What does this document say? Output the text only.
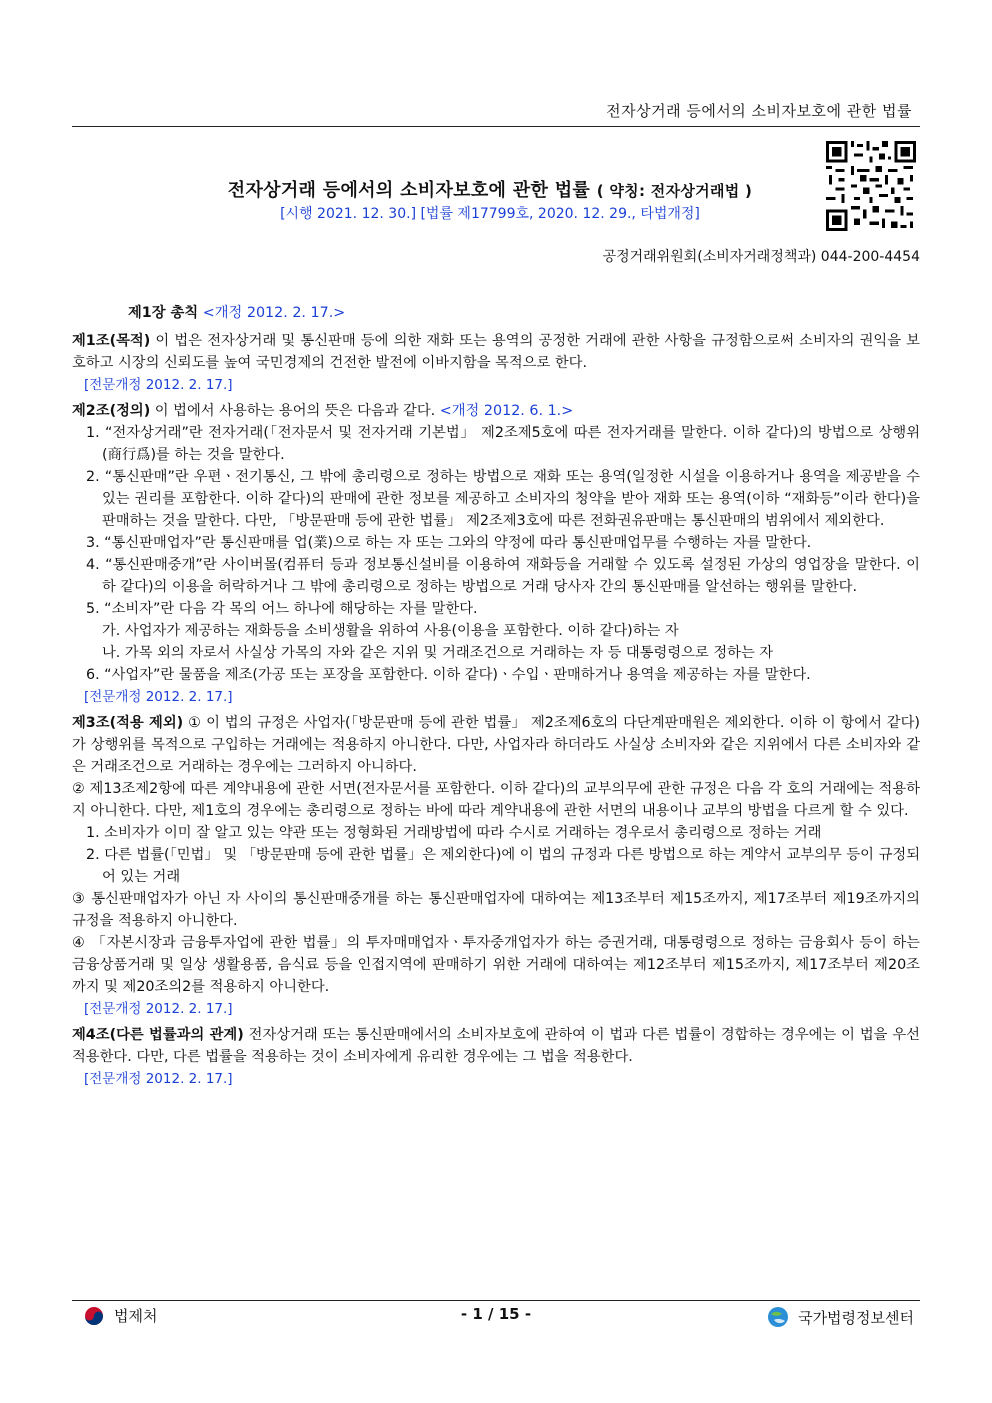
전자상거래 등에서의 소비자보호에 관한 법률
전자상거래 등에서의 소비자보호에 관한 법률 ( 약칭: 전자상거래법 )
[시행 2021. 12. 30.] [법률 제17799호, 2020. 12. 29., 타법개정]
공정거래위원회(소비자거래정책과) 044-200-4454
제1장 총칙 <개정 2012. 2. 17.>

제1조(목적) 이 법은 전자상거래 및 통신판매 등에 의한 재화 또는 용역의 공정한 거래에 관한 사항을 규정함으로써 소비자의 권익을 보호하고 시장의 신뢰도를 높여 국민경제의 건전한 발전에 이바지함을 목적으로 한다.

[전문개정 2012. 2. 17.]

제2조(정의) 이 법에서 사용하는 용어의 뜻은 다음과 같다. <개정 2012. 6. 1.>

1. “전자상거래”란 전자거래(「전자문서 및 전자거래 기본법」 제2조제5호에 따른 전자거래를 말한다. 이하 같다)의 방법으로 상행위(商行爲)를 하는 것을 말한다.
2. “통신판매”란 우편ㆍ전기통신, 그 밖에 총리령으로 정하는 방법으로 재화 또는 용역(일정한 시설을 이용하거나 용역을 제공받을 수 있는 권리를 포함한다. 이하 같다)의 판매에 관한 정보를 제공하고 소비자의 청약을 받아 재화 또는 용역(이하 “재화등”이라 한다)을 판매하는 것을 말한다. 다만, 「방문판매 등에 관한 법률」 제2조제3호에 따른 전화권유판매는 통신판매의 범위에서 제외한다.
3. “통신판매업자”란 통신판매를 업(業)으로 하는 자 또는 그와의 약정에 따라 통신판매업무를 수행하는 자를 말한다.
4. “통신판매중개”란 사이버몰(컴퓨터 등과 정보통신설비를 이용하여 재화등을 거래할 수 있도록 설정된 가상의 영업장을 말한다. 이하 같다)의 이용을 허락하거나 그 밖에 총리령으로 정하는 방법으로 거래 당사자 간의 통신판매를 알선하는 행위를 말한다.
5. “소비자”란 다음 각 목의 어느 하나에 해당하는 자를 말한다.
가. 사업자가 제공하는 재화등을 소비생활을 위하여 사용(이용을 포함한다. 이하 같다)하는 자
나. 가목 외의 자로서 사실상 가목의 자와 같은 지위 및 거래조건으로 거래하는 자 등 대통령령으로 정하는 자
6. “사업자”란 물품을 제조(가공 또는 포장을 포함한다. 이하 같다)ㆍ수입ㆍ판매하거나 용역을 제공하는 자를 말한다.
[전문개정 2012. 2. 17.]

제3조(적용 제외) ① 이 법의 규정은 사업자(「방문판매 등에 관한 법률」 제2조제6호의 다단계판매원은 제외한다. 이하 이 항에서 같다)가 상행위를 목적으로 구입하는 거래에는 적용하지 아니한다. 다만, 사업자라 하더라도 사실상 소비자와 같은 지위에서 다른 소비자와 같은 거래조건으로 거래하는 경우에는 그러하지 아니하다.

② 제13조제2항에 따른 계약내용에 관한 서면(전자문서를 포함한다. 이하 같다)의 교부의무에 관한 규정은 다음 각 호의 거래에는 적용하지 아니한다. 다만, 제1호의 경우에는 총리령으로 정하는 바에 따라 계약내용에 관한 서면의 내용이나 교부의 방법을 다르게 할 수 있다.

1. 소비자가 이미 잘 알고 있는 약관 또는 정형화된 거래방법에 따라 수시로 거래하는 경우로서 총리령으로 정하는 거래
2. 다른 법률(「민법」 및 「방문판매 등에 관한 법률」은 제외한다)에 이 법의 규정과 다른 방법으로 하는 계약서 교부의무 등이 규정되어 있는 거래

③ 통신판매업자가 아닌 자 사이의 통신판매중개를 하는 통신판매업자에 대하여는 제13조부터 제15조까지, 제17조부터 제19조까지의 규정을 적용하지 아니한다.

④ 「자본시장과 금융투자업에 관한 법률」의 투자매매업자ㆍ투자중개업자가 하는 증권거래, 대통령령으로 정하는 금융회사 등이 하는 금융상품거래 및 일상 생활용품, 음식료 등을 인접지역에 판매하기 위한 거래에 대하여는 제12조부터 제15조까지, 제17조부터 제20조까지 및 제20조의2를 적용하지 아니한다.

[전문개정 2012. 2. 17.]

제4조(다른 법률과의 관계) 전자상거래 또는 통신판매에서의 소비자보호에 관하여 이 법과 다른 법률이 경합하는 경우에는 이 법을 우선 적용한다. 다만, 다른 법률을 적용하는 것이 소비자에게 유리한 경우에는 그 법을 적용한다.

[전문개정 2012. 2. 17.]
법제처	- 1 / 15 -	국가법령정보센터
